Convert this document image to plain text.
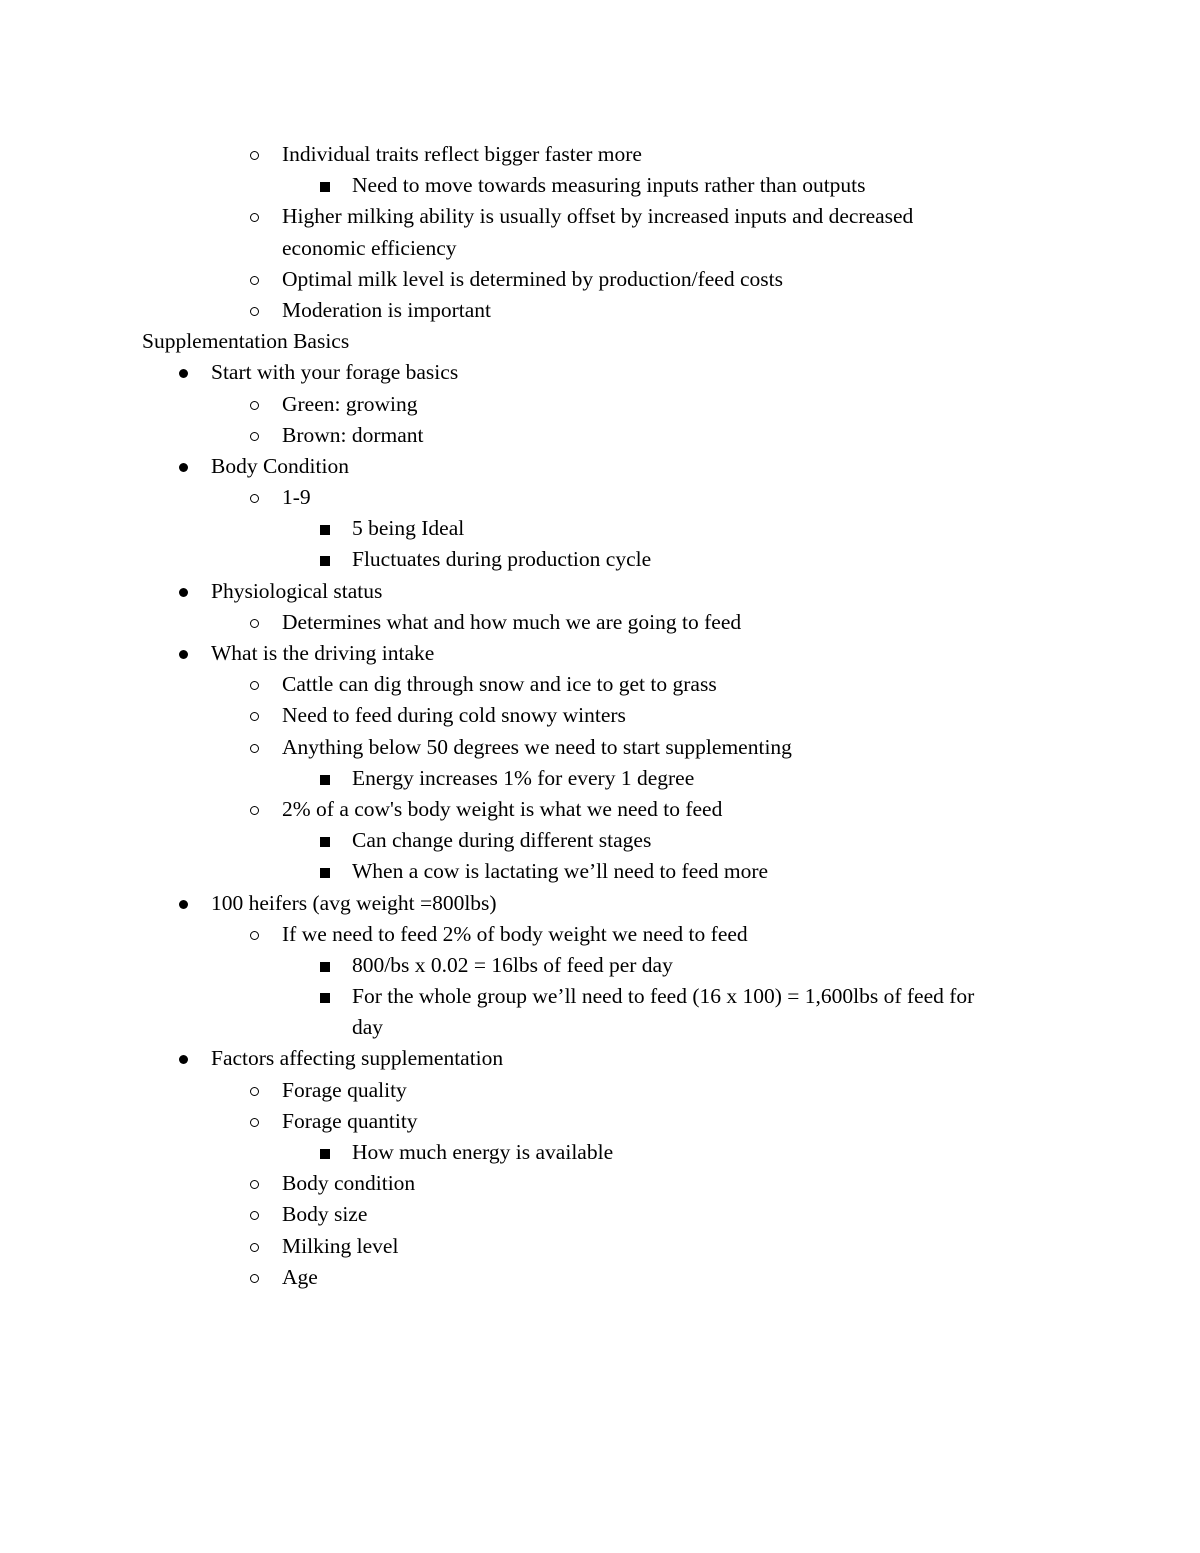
Individual traits reflect bigger faster more
Need to move towards measuring inputs rather than outputs
Higher milking ability is usually offset by increased inputs and decreased
economic efficiency
Optimal milk level is determined by production/feed costs
Moderation is important
Supplementation Basics
Start with your forage basics
Green: growing
Brown: dormant
Body Condition
1-9
5 being Ideal
Fluctuates during production cycle
Physiological status
Determines what and how much we are going to feed
What is the driving intake
Cattle can dig through snow and ice to get to grass
Need to feed during cold snowy winters
Anything below 50 degrees we need to start supplementing
Energy increases 1% for every 1 degree
2% of a cow's body weight is what we need to feed
Can change during different stages
When a cow is lactating we’ll need to feed more
100 heifers (avg weight =800lbs)
If we need to feed 2% of body weight we need to feed
800/bs x 0.02 = 16lbs of feed per day
For the whole group we’ll need to feed (16 x 100) = 1,600lbs of feed for
day
Factors affecting supplementation
Forage quality
Forage quantity
How much energy is available
Body condition
Body size
Milking level
Age
